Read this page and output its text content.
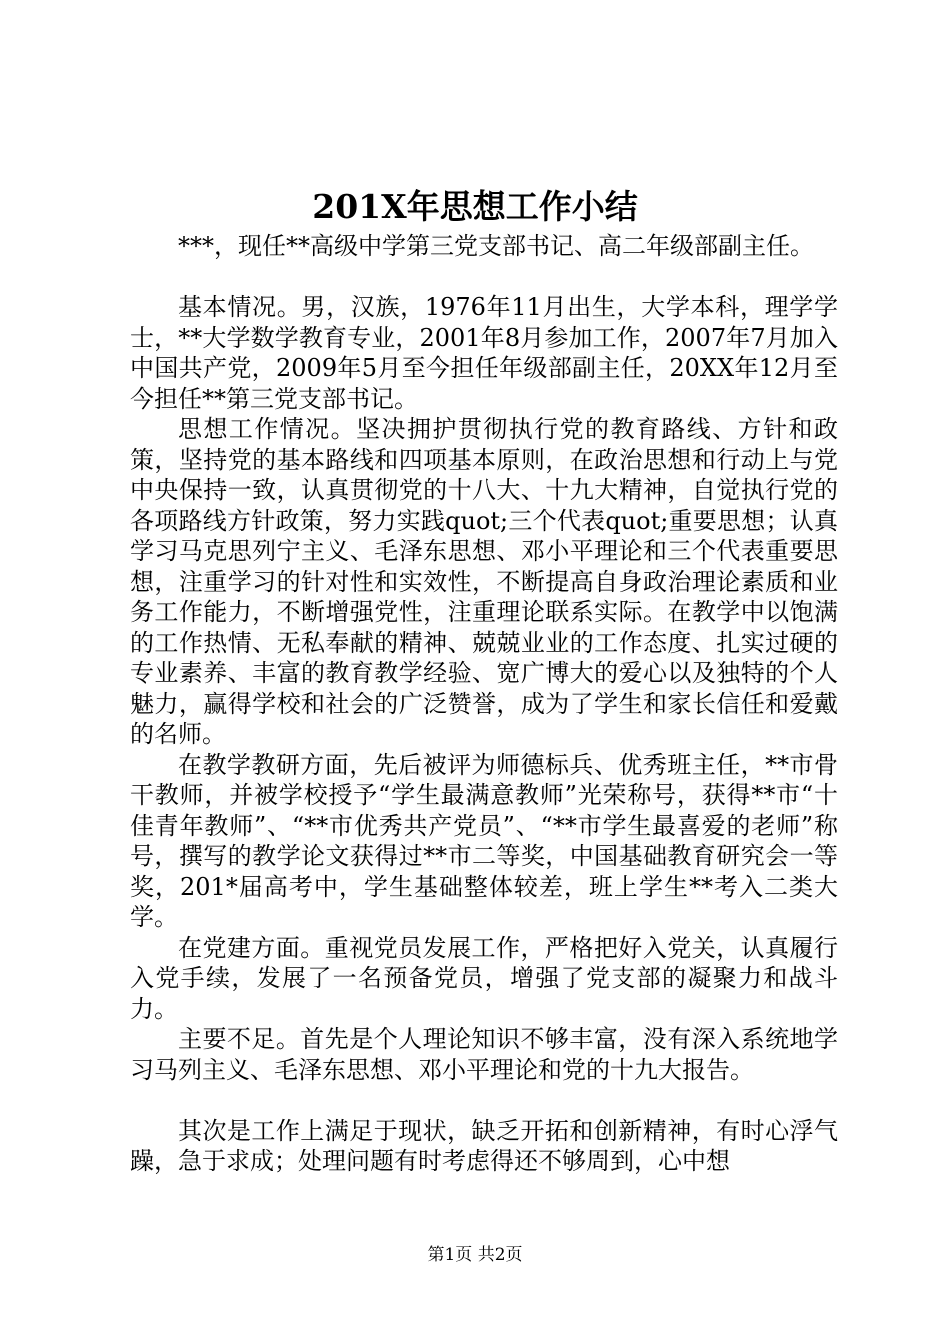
201X年思想工作小结

***，现任**高级中学第三党支部书记、高二年级部副主任。

基本情况。男，汉族，1976年11月出生，大学本科，理学学士，**大学数学教育专业，2001年8月参加工作，2007年7月加入中国共产党，2009年5月至今担任年级部副主任，20XX年12月至今担任**第三党支部书记。

思想工作情况。坚决拥护贯彻执行党的教育路线、方针和政策，坚持党的基本路线和四项基本原则，在政治思想和行动上与党中央保持一致，认真贯彻党的十八大、十九大精神，自觉执行党的各项路线方针政策，努力实践quot;三个代表quot;重要思想；认真学习马克思列宁主义、毛泽东思想、邓小平理论和三个代表重要思想，注重学习的针对性和实效性，不断提高自身政治理论素质和业务工作能力，不断增强党性，注重理论联系实际。在教学中以饱满的工作热情、无私奉献的精神、兢兢业业的工作态度、扎实过硬的专业素养、丰富的教育教学经验、宽广博大的爱心以及独特的个人魅力，赢得学校和社会的广泛赞誉，成为了学生和家长信任和爱戴的名师。

在教学教研方面，先后被评为师德标兵、优秀班主任，**市骨干教师，并被学校授予“学生最满意教师”光荣称号，获得**市“十佳青年教师”、“**市优秀共产党员”、“**市学生最喜爱的老师”称号，撰写的教学论文获得过**市二等奖，中国基础教育研究会一等奖，201*届高考中，学生基础整体较差，班上学生**考入二类大学。

在党建方面。重视党员发展工作，严格把好入党关，认真履行入党手续，发展了一名预备党员，增强了党支部的凝聚力和战斗力。

主要不足。首先是个人理论知识不够丰富，没有深入系统地学习马列主义、毛泽东思想、邓小平理论和党的十九大报告。

其次是工作上满足于现状，缺乏开拓和创新精神，有时心浮气躁，急于求成；处理问题有时考虑得还不够周到，心中想

第1页 共2页
